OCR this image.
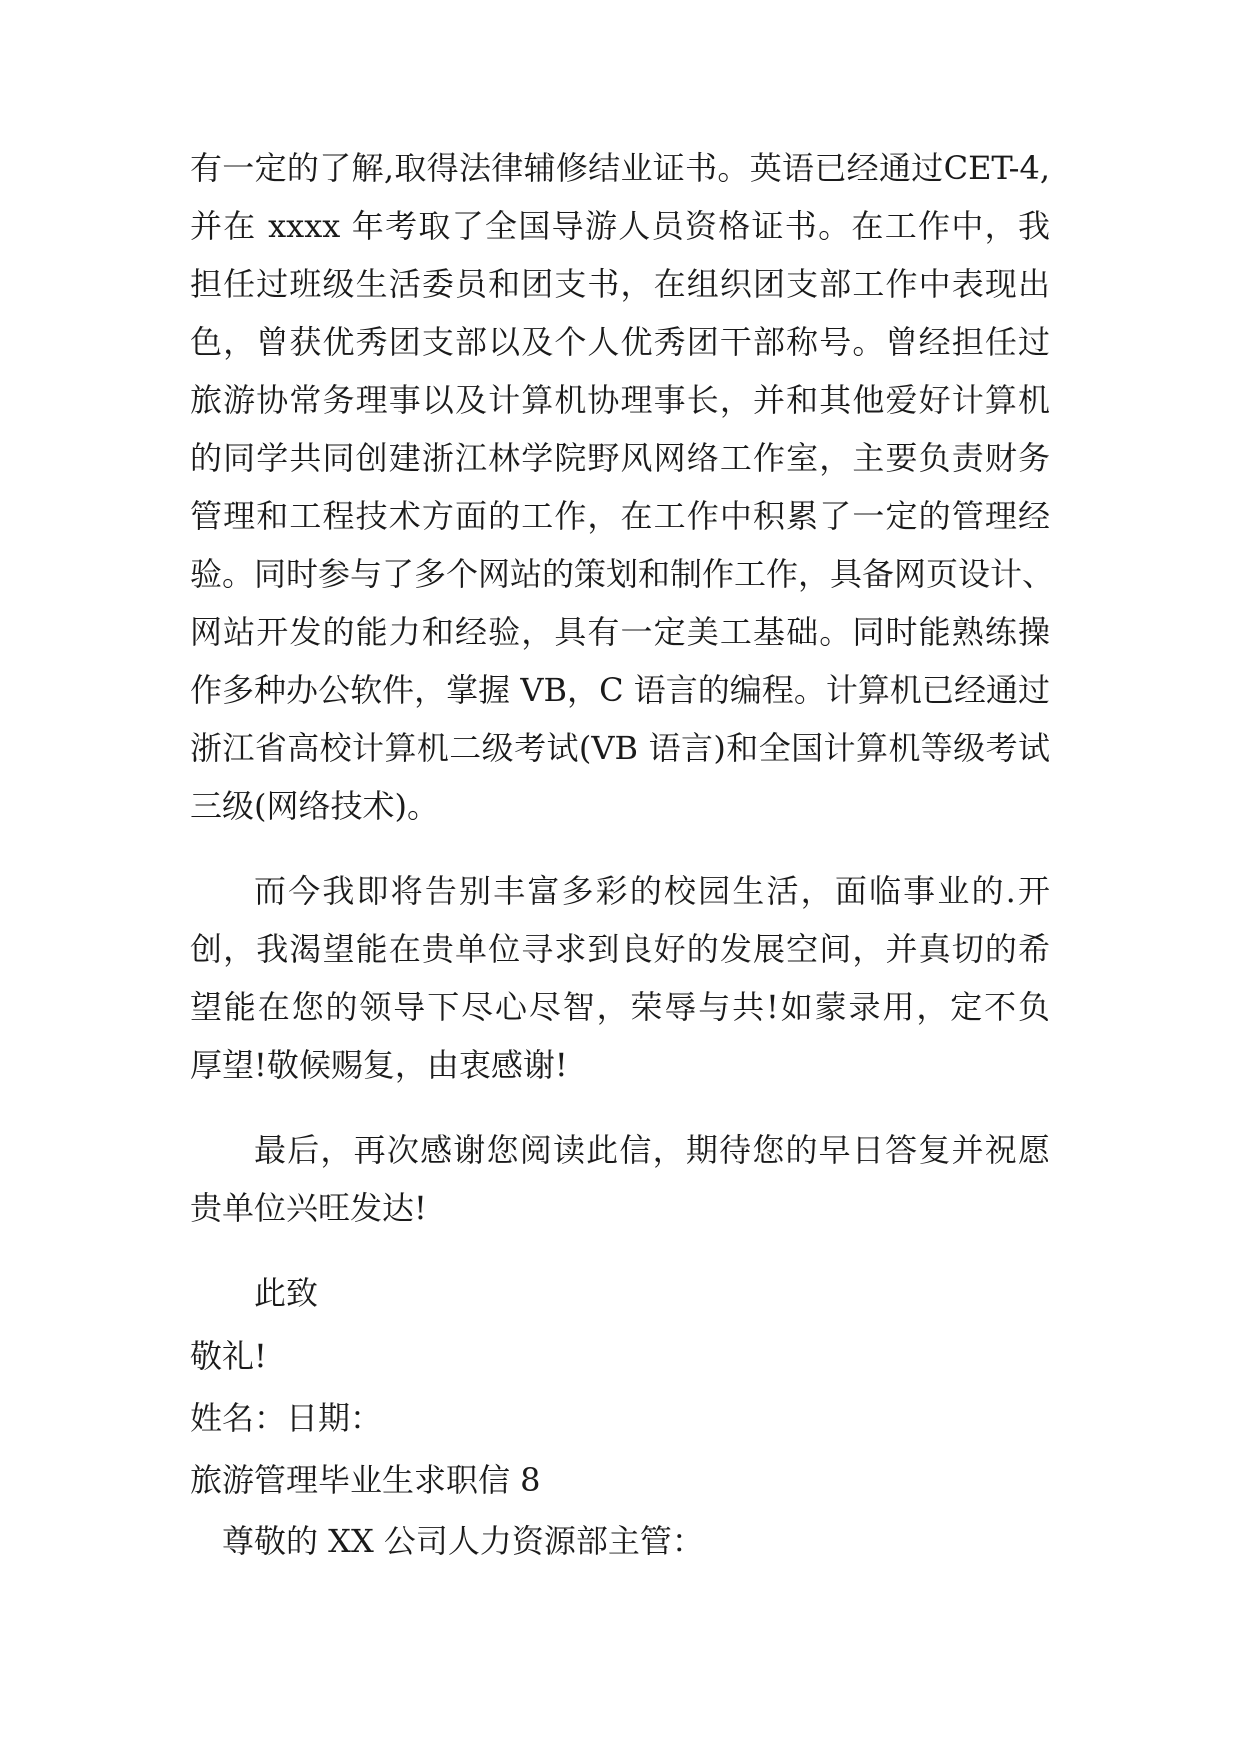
有一定的了解,取得法律辅修结业证书。英语已经通过CET-4,
并在 xxxx 年考取了全国导游人员资格证书。在工作中，我
担任过班级生活委员和团支书，在组织团支部工作中表现出
色，曾获优秀团支部以及个人优秀团干部称号。曾经担任过
旅游协常务理事以及计算机协理事长，并和其他爱好计算机
的同学共同创建浙江林学院野风网络工作室，主要负责财务
管理和工程技术方面的工作，在工作中积累了一定的管理经
验。同时参与了多个网站的策划和制作工作，具备网页设计、
网站开发的能力和经验，具有一定美工基础。同时能熟练操
作多种办公软件，掌握 VB，C 语言的编程。计算机已经通过
浙江省高校计算机二级考试(VB 语言)和全国计算机等级考试
三级(网络技术)。
而今我即将告别丰富多彩的校园生活，面临事业的.开
创，我渴望能在贵单位寻求到良好的发展空间，并真切的希
望能在您的领导下尽心尽智，荣辱与共!如蒙录用，定不负
厚望!敬候赐复，由衷感谢!
最后，再次感谢您阅读此信，期待您的早日答复并祝愿
贵单位兴旺发达!
此致
敬礼!
姓名：日期：
旅游管理毕业生求职信 8
尊敬的 XX 公司人力资源部主管：
